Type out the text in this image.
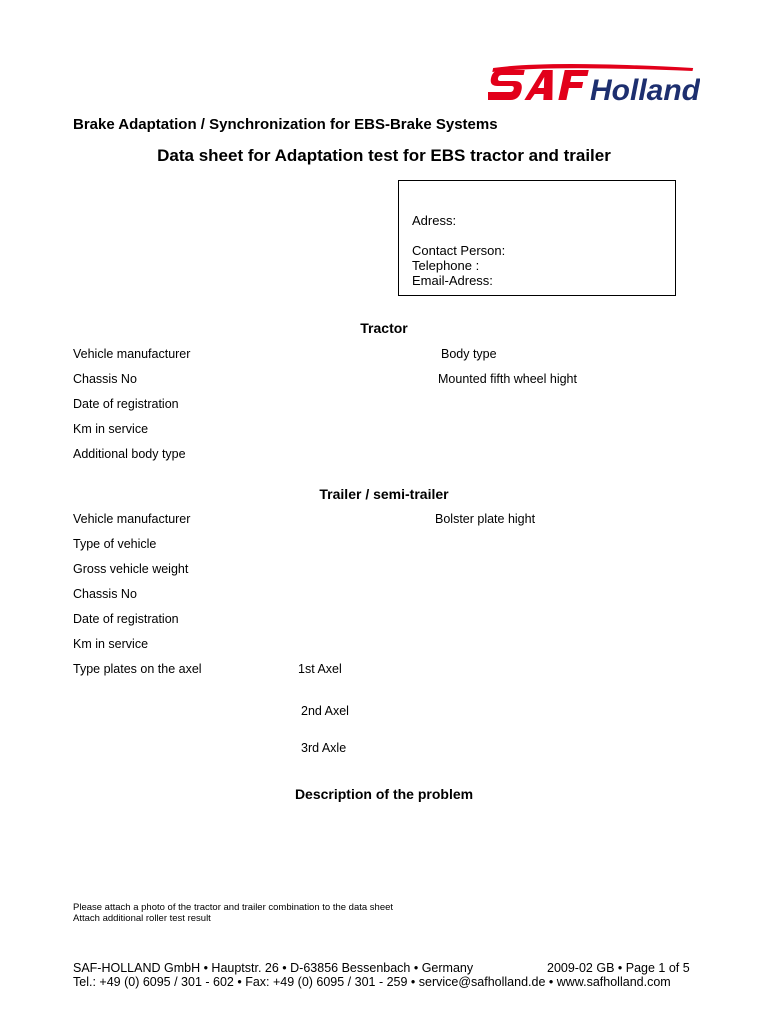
Holland
Brake Adaptation / Synchronization for EBS-Brake Systems
Data sheet for Adaptation test for EBS tractor and trailer
Adress:
Contact Person:
Telephone :
Email-Adress:
Tractor
Vehicle manufacturer	Body type
Chassis No	Mounted fifth wheel hight
Date of registration
Km in service
Additional body type
Trailer / semi-trailer
Vehicle manufacturer	Bolster plate hight
Type of vehicle
Gross vehicle weight
Chassis No
Date of registration
Km in service
Type plates on the axel	1st Axel
2nd Axel
3rd Axle
Description of the problem
Please attach a photo of the tractor and trailer combination to the data sheet
Attach additional roller test result
SAF-HOLLAND GmbH • Hauptstr. 26 • D-63856 Bessenbach • Germany	2009-02 GB • Page 1 of 5
Tel.: +49 (0) 6095 / 301 - 602 • Fax: +49 (0) 6095 / 301 - 259 • service@safholland.de • www.safholland.com
